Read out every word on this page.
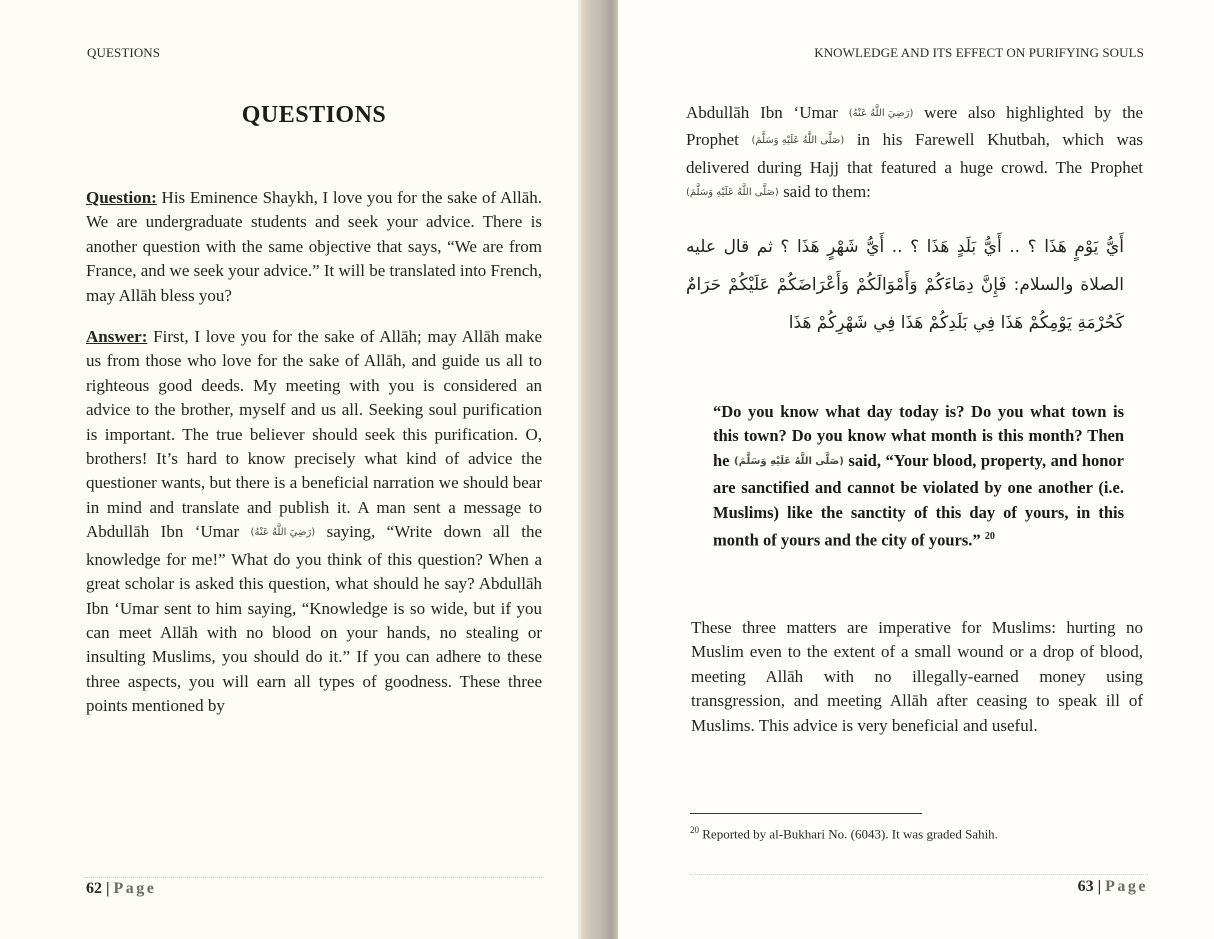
QUESTIONS
QUESTIONS

Question: His Eminence Shaykh, I love you for the sake of Allāh. We are undergraduate students and seek your advice. There is another question with the same objective that says, “We are from France, and we seek your advice.” It will be translated into French, may Allāh bless you?

Answer: First, I love you for the sake of Allāh; may Allāh make us from those who love for the sake of Allāh, and guide us all to righteous good deeds. My meeting with you is considered an advice to the brother, myself and us all. Seeking soul purification is important. The true believer should seek this purification. O, brothers! It’s hard to know precisely what kind of advice the questioner wants, but there is a beneficial narration we should bear in mind and translate and publish it. A man sent a message to Abdullāh Ibn ‘Umar (رَضِيَ اللَّهُ عَنْهُ) saying, “Write down all the knowledge for me!” What do you think of this question? When a great scholar is asked this question, what should he say? Abdullāh Ibn ‘Umar sent to him saying, “Knowledge is so wide, but if you can meet Allāh with no blood on your hands, no stealing or insulting Muslims, you should do it.” If you can adhere to these three aspects, you will earn all types of goodness. These three points mentioned by

62 | Page
KNOWLEDGE AND ITS EFFECT ON PURIFYING SOULS

Abdullāh Ibn ‘Umar (رَضِيَ اللَّهُ عَنْهُ) were also highlighted by the Prophet (صَلَّى اللَّهُ عَلَيْهِ وَسَلَّمَ) in his Farewell Khutbah, which was delivered during Hajj that featured a huge crowd. The Prophet (صَلَّى اللَّهُ عَلَيْهِ وَسَلَّمَ) said to them:

أَيُّ يَوْمٍ هَذَا ؟ .. أَيُّ بَلَدٍ هَذَا ؟ .. أَيُّ شَهْرٍ هَذَا ؟ ثم قال عليه الصلاة والسلام: فَإِنَّ دِمَاءَكُمْ وَأَمْوَالَكُمْ وَأَعْرَاضَكُمْ عَلَيْكُمْ حَرَامٌ كَحُرْمَةِ يَوْمِكُمْ هَذَا فِي بَلَدِكُمْ هَذَا فِي شَهْرِكُمْ هَذَا
“Do you know what day today is? Do you what town is this town? Do you know what month is this month? Then he (صَلَّى اللَّهُ عَلَيْهِ وَسَلَّمَ) said, “Your blood, property, and honor are sanctified and cannot be violated by one another (i.e. Muslims) like the sanctity of this day of yours, in this month of yours and the city of yours.” $^{20}$

These three matters are imperative for Muslims: hurting no Muslim even to the extent of a small wound or a drop of blood, meeting Allāh with no illegally-earned money using transgression, and meeting Allāh after ceasing to speak ill of Muslims. This advice is very beneficial and useful.

$^{20}$ Reported by al-Bukhari No. (6043). It was graded Sahih.
63 | Page
